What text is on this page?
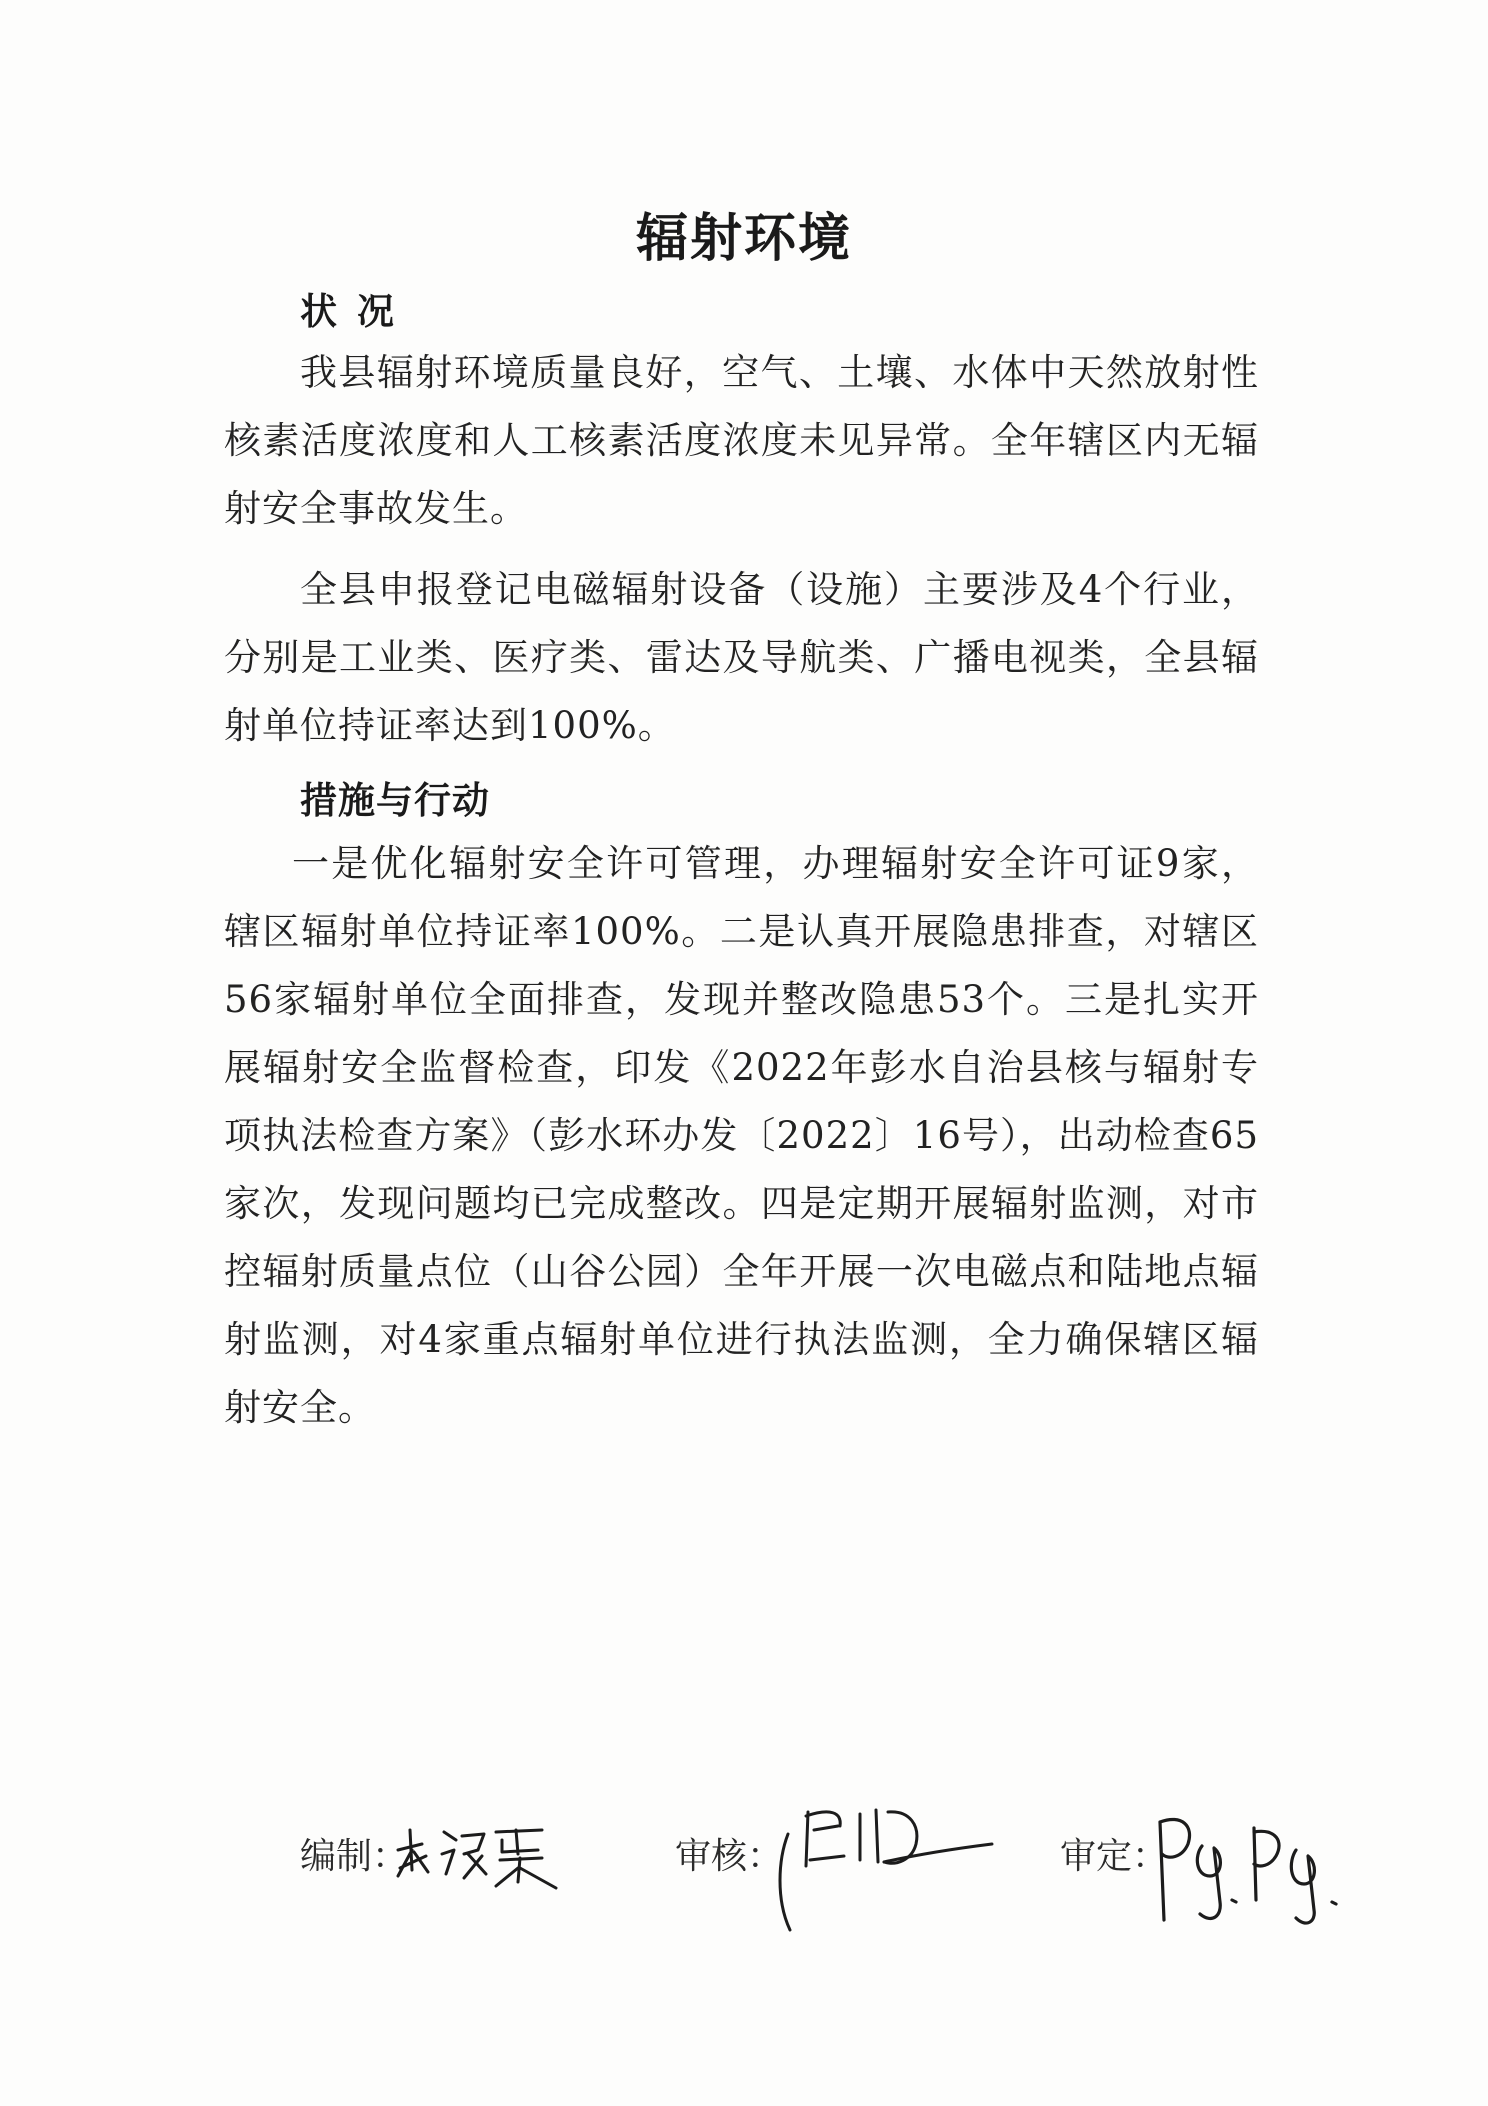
辐射环境
状况

我县辐射环境质量良好，空气、土壤、水体中天然放射性核素活度浓度和人工核素活度浓度未见异常。全年辖区内无辐射安全事故发生。

全县申报登记电磁辐射设备（设施）主要涉及4个行业，分别是工业类、医疗类、雷达及导航类、广播电视类，全县辐射单位持证率达到100%。

措施与行动

一是优化辐射安全许可管理，办理辐射安全许可证9家，辖区辐射单位持证率100%。二是认真开展隐患排查，对辖区56家辐射单位全面排查，发现并整改隐患53个。三是扎实开展辐射安全监督检查，印发《2022年彭水自治县核与辐射专项执法检查方案》（彭水环办发〔2022〕16号），出动检查65家次，发现问题均已完成整改。四是定期开展辐射监测，对市控辐射质量点位（山谷公园）全年开展一次电磁点和陆地点辐射监测，对4家重点辐射单位进行执法监测，全力确保辖区辐射安全。

编制：	审核：	审定：
